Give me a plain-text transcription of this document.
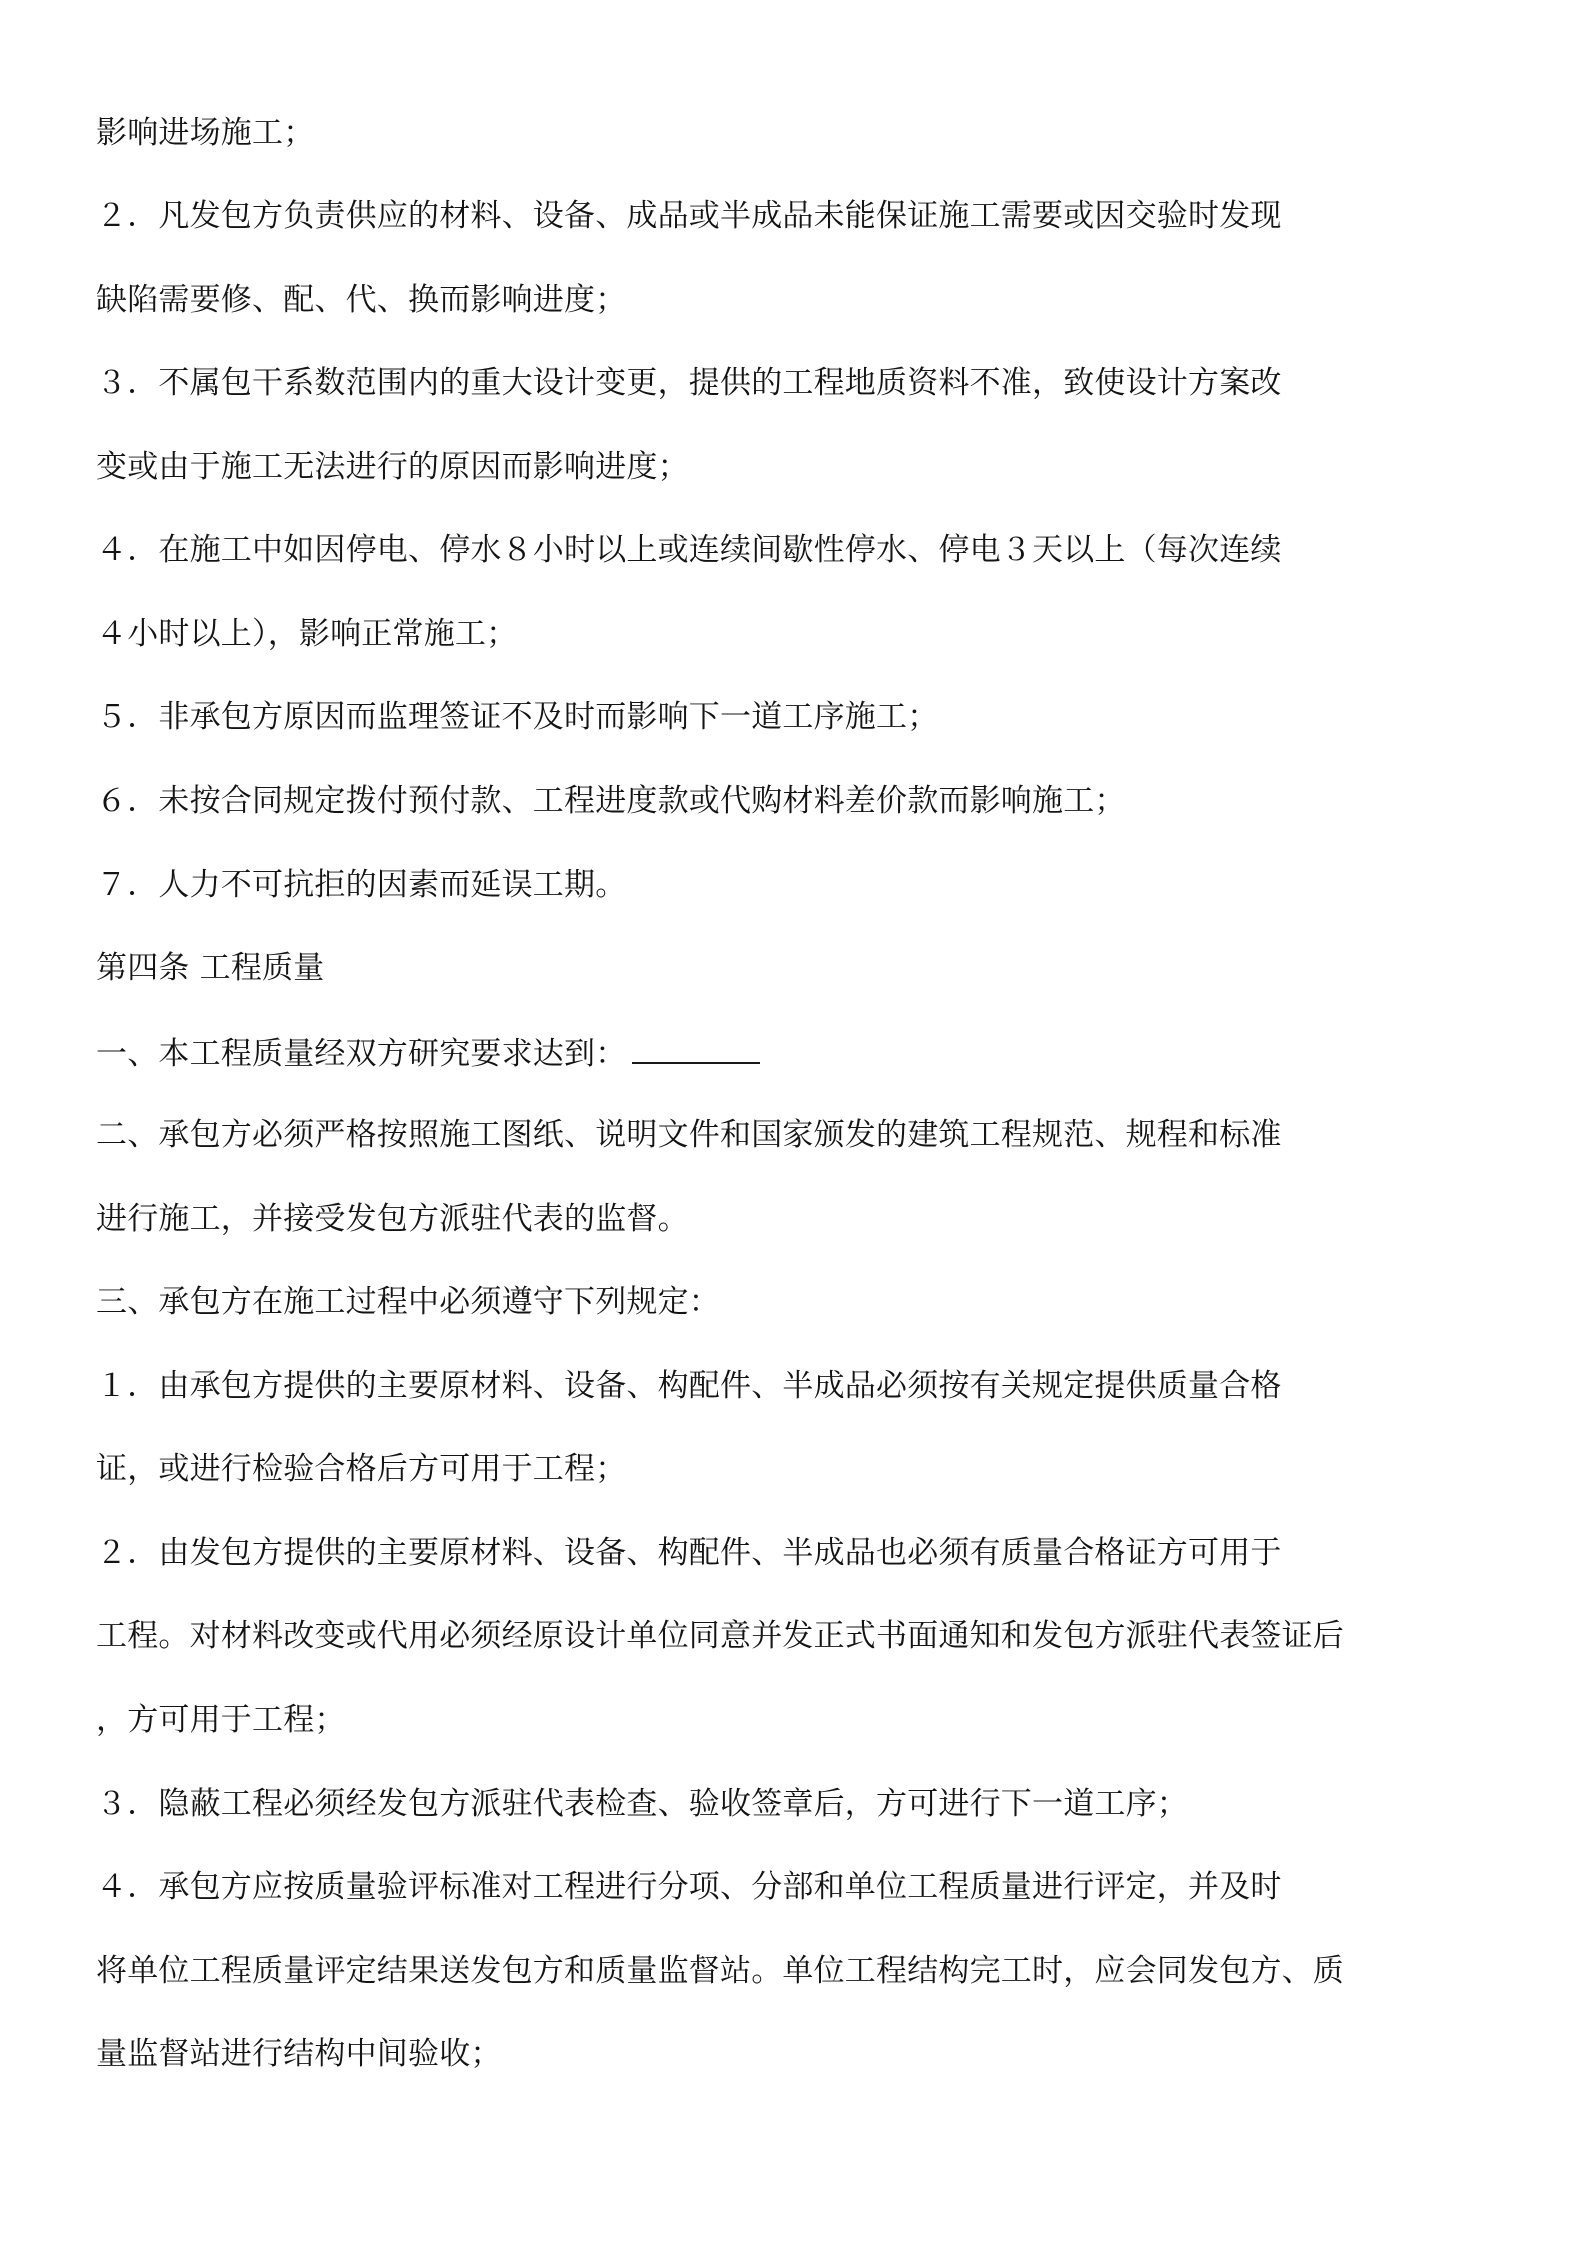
影响进场施工；
２．凡发包方负责供应的材料、设备、成品或半成品未能保证施工需要或因交验时发现
缺陷需要修、配、代、换而影响进度；
３．不属包干系数范围内的重大设计变更，提供的工程地质资料不准，致使设计方案改
变或由于施工无法进行的原因而影响进度；
４．在施工中如因停电、停水８小时以上或连续间歇性停水、停电３天以上（每次连续
４小时以上），影响正常施工；
５．非承包方原因而监理签证不及时而影响下一道工序施工；
６．未按合同规定拨付预付款、工程进度款或代购材料差价款而影响施工；
７．人力不可抗拒的因素而延误工期。
第四条 工程质量
一、本工程质量经双方研究要求达到：
二、承包方必须严格按照施工图纸、说明文件和国家颁发的建筑工程规范、规程和标准
进行施工，并接受发包方派驻代表的监督。
三、承包方在施工过程中必须遵守下列规定：
１．由承包方提供的主要原材料、设备、构配件、半成品必须按有关规定提供质量合格
证，或进行检验合格后方可用于工程；
２．由发包方提供的主要原材料、设备、构配件、半成品也必须有质量合格证方可用于
工程。对材料改变或代用必须经原设计单位同意并发正式书面通知和发包方派驻代表签证后
，方可用于工程；
３．隐蔽工程必须经发包方派驻代表检查、验收签章后，方可进行下一道工序；
４．承包方应按质量验评标准对工程进行分项、分部和单位工程质量进行评定，并及时
将单位工程质量评定结果送发包方和质量监督站。单位工程结构完工时，应会同发包方、质
量监督站进行结构中间验收；
